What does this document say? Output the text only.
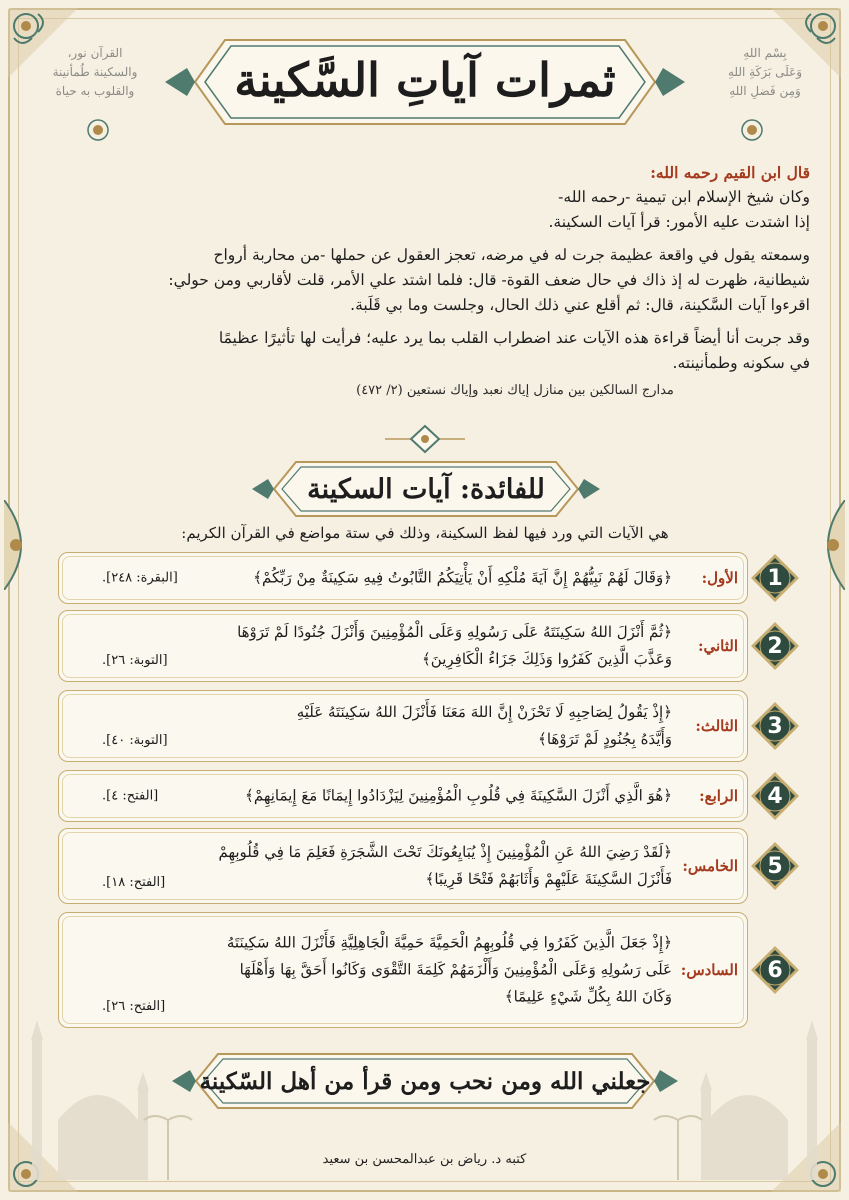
ثمرات آياتِ السَّكينة	بِسْم اللهِ
وَعَلَى بَرَكَةِ اللهِ
وَمِن فَضلِ اللهِ
القرآن نور،
والسكينة طُمأنينة
والقلوب به حياة

قال ابن القيم رحمه الله:

وكان شيخ الإسلام ابن تيمية -رحمه الله-

إذا اشتدت عليه الأمور: قرأ آيات السكينة.

وسمعته يقول في واقعة عظيمة جرت له في مرضه، تعجز العقول عن حملها -من محاربة أرواح

شيطانية، ظهرت له إذ ذاك في حال ضعف القوة- قال: فلما اشتد علي الأمر، قلت لأقاربي ومن حولي:

اقرءوا آيات السَّكينة، قال: ثم أقلع عني ذلك الحال، وجلست وما بي قَلَبة.

وقد جربت أنا أيضاً قراءة هذه الآيات عند اضطراب القلب بما يرد عليه؛ فرأيت لها تأثيرًا عظيمًا

في سكونه وطمأنينته.

مدارج السالكين بين منازل إياك نعبد وإياك نستعين (٢/ ٤٧٢)

للفائدة: آيات السكينة
هي الآيات التي ورد فيها لفظ السكينة، وذلك في ستة مواضع في القرآن الكريم:
1
الأول:
﴿وَقَالَ لَهُمْ نَبِيُّهُمْ إِنَّ آيَةَ مُلْكِهِ أَنْ يَأْتِيَكُمُ التَّابُوتُ فِيهِ سَكِينَةٌ مِنْ رَبِّكُمْ﴾
[البقرة: ٢٤٨].
2
الثاني:
﴿ثُمَّ أَنْزَلَ اللهُ سَكِينَتَهُ عَلَى رَسُولِهِ وَعَلَى الْمُؤْمِنِينَ وَأَنْزَلَ جُنُودًا لَمْ تَرَوْهَا
وَعَذَّبَ الَّذِينَ كَفَرُوا وَذَلِكَ جَزَاءُ الْكَافِرِينَ﴾
[التوبة: ٢٦].
3
الثالث:
﴿إِذْ يَقُولُ لِصَاحِبِهِ لَا تَحْزَنْ إِنَّ اللهَ مَعَنَا فَأَنْزَلَ اللهُ سَكِينَتَهُ عَلَيْهِ
وَأَيَّدَهُ بِجُنُودٍ لَمْ تَرَوْهَا﴾
[التوبة: ٤٠].
4
الرابع:
﴿هُوَ الَّذِي أَنْزَلَ السَّكِينَةَ فِي قُلُوبِ الْمُؤْمِنِينَ لِيَزْدَادُوا إِيمَانًا مَعَ إِيمَانِهِمْ﴾
[الفتح: ٤].
5
الخامس:
﴿لَقَدْ رَضِيَ اللهُ عَنِ الْمُؤْمِنِينَ إِذْ يُبَايِعُونَكَ تَحْتَ الشَّجَرَةِ فَعَلِمَ مَا فِي قُلُوبِهِمْ
فَأَنْزَلَ السَّكِينَةَ عَلَيْهِمْ وَأَثَابَهُمْ فَتْحًا قَرِيبًا﴾
[الفتح: ١٨].
6
السادس:
﴿إِذْ جَعَلَ الَّذِينَ كَفَرُوا فِي قُلُوبِهِمُ الْحَمِيَّةَ حَمِيَّةَ الْجَاهِلِيَّةِ فَأَنْزَلَ اللهُ سَكِينَتَهُ
عَلَى رَسُولِهِ وَعَلَى الْمُؤْمِنِينَ وَأَلْزَمَهُمْ كَلِمَةَ التَّقْوَى وَكَانُوا أَحَقَّ بِهَا وَأَهْلَهَا
وَكَانَ اللهُ بِكُلِّ شَيْءٍ عَلِيمًا﴾
[الفتح: ٢٦].
جعلني الله ومن نحب ومن قرأ من أهل السّكينة
كتبه د. رياض بن عبدالمحسن بن سعيد
